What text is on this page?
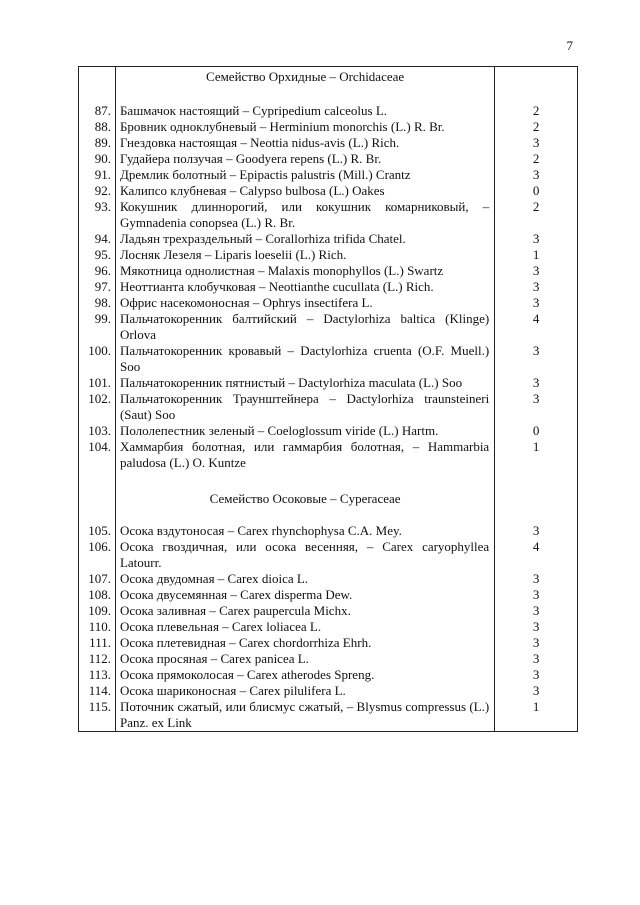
7
	Семейство Орхидные – Orchidaceae	

87.	Башмачок настоящий – Cypripedium calceolus L.	2
88.	Бровник одноклубневый – Herminium monorchis (L.) R. Br.	2
89.	Гнездовка настоящая – Neottia nidus-avis (L.) Rich.	3
90.	Гудайера ползучая – Goodyera repens (L.) R. Br.	2
91.	Дремлик болотный – Epipactis palustris (Mill.) Crantz	3
92.	Калипсо клубневая – Calypso bulbosa (L.) Oakes	0
93.	Кокушник длиннорогий, или кокушник комарниковый, – Gymnadenia conopsea (L.) R. Br.	2
94.	Ладьян трехраздельный – Corallorhiza trifida Chatel.	3
95.	Лосняк Лезеля – Liparis loeselii (L.) Rich.	1
96.	Мякотница однолистная – Malaxis monophyllos (L.) Swartz	3
97.	Неоттианта клобучковая – Neottianthe cucullata (L.) Rich.	3
98.	Офрис насекомоносная – Ophrys insectifera L.	3
99.	Пальчатокоренник балтийский – Dactylorhiza baltica (Klinge) Orlova	4
100.	Пальчатокоренник кровавый – Dactylorhiza cruenta (O.F. Muell.) Soo	3
101.	Пальчатокоренник пятнистый – Dactylorhiza maculata (L.) Soo	3
102.	Пальчатокоренник Траунштейнера – Dactylorhiza traunsteineri (Saut) Soo	3
103.	Пололепестник зеленый – Coeloglossum viride (L.) Hartm.	0
104.	Хаммарбия болотная, или гаммарбия болотная, – Hammarbia paludosa (L.) O. Kuntze	1

	Семейство Осоковые – Cyperaceae	

105.	Осока вздутоносая – Carex rhynchophysa C.A. Mey.	3
106.	Осока гвоздичная, или осока весенняя, – Carex caryophyllea Latourr.	4
107.	Осока двудомная – Carex dioica L.	3
108.	Осока двусемянная – Carex disperma Dew.	3
109.	Осока заливная – Carex paupercula Michx.	3
110.	Осока плевельная – Carex loliacea L.	3
111.	Осока плетевидная – Carex chordorrhiza Ehrh.	3
112.	Осока просяная – Carex panicea L.	3
113.	Осока прямоколосая – Carex atherodes Spreng.	3
114.	Осока шариконосная – Carex pilulifera L.	3
115.	Поточник сжатый, или блисмус сжатый, – Blysmus compressus (L.) Panz. ex Link	1
